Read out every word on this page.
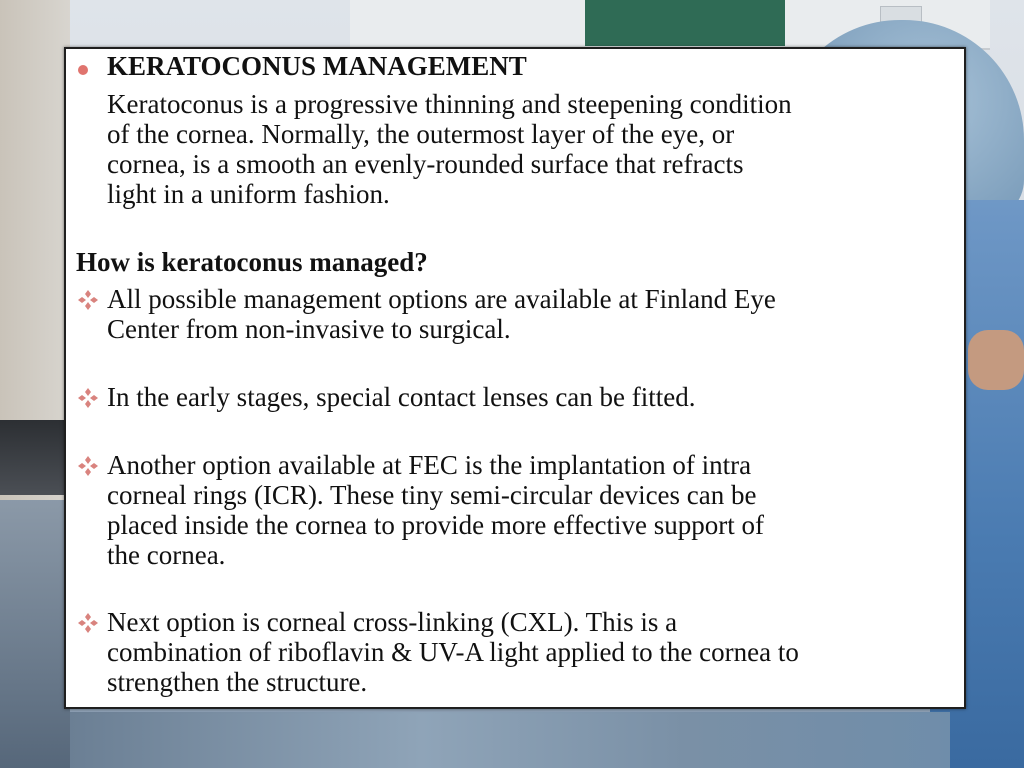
KERATOCONUS MANAGEMENT
Keratoconus is a progressive thinning and steepening condition
of the cornea. Normally, the outermost layer of the eye, or
cornea, is a smooth an evenly-rounded surface that refracts
light in a uniform fashion.
How is keratoconus managed?
All possible management options are available at Finland Eye
Center from non-invasive to surgical.
In the early stages, special contact lenses can be fitted.
Another option available at FEC is the implantation of intra
corneal rings (ICR). These tiny semi-circular devices can be
placed inside the cornea to provide more effective support of
the cornea.
Next option is corneal cross-linking (CXL). This is a
combination of riboflavin & UV-A light applied to the cornea to
strengthen the structure.
